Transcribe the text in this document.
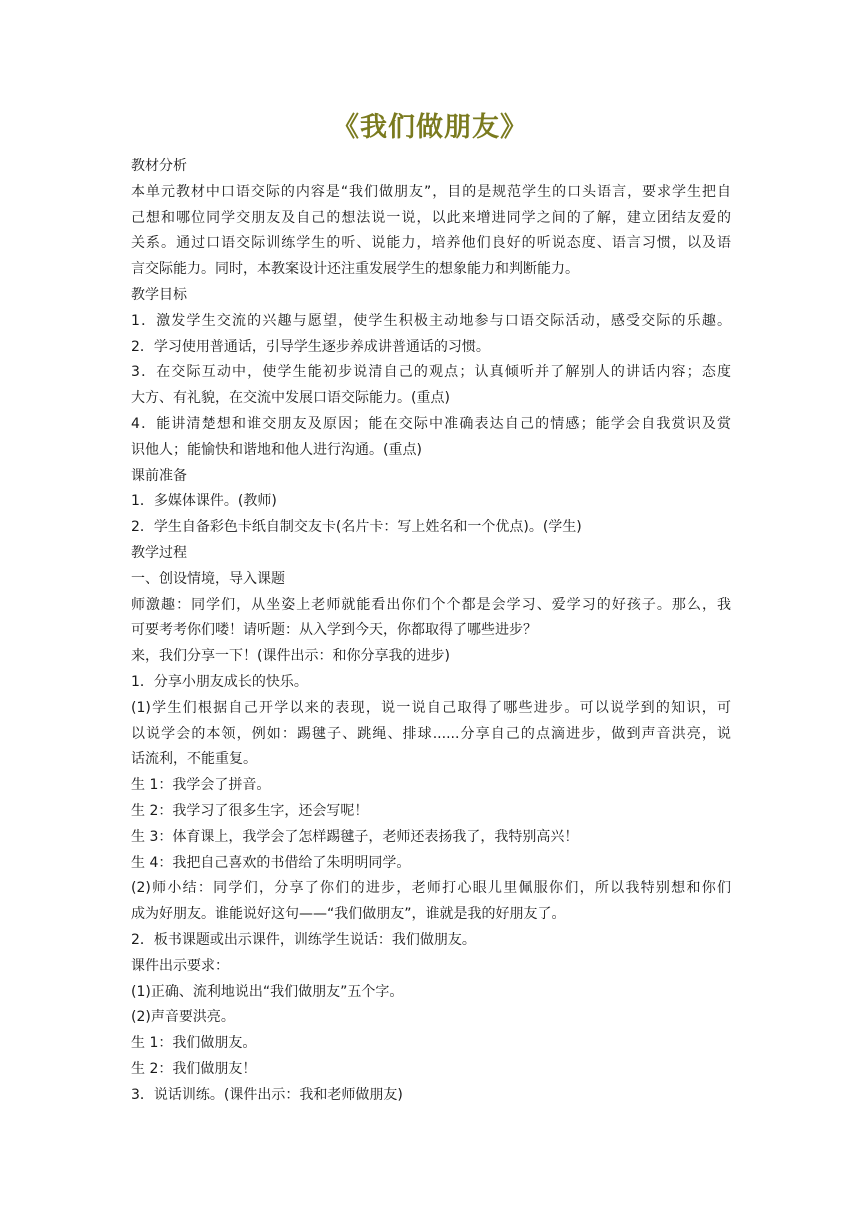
《我们做朋友》
教材分析
本单元教材中口语交际的内容是“我们做朋友”，目的是规范学生的口头语言，要求学生把自
己想和哪位同学交朋友及自己的想法说一说，以此来增进同学之间的了解，建立团结友爱的
关系。通过口语交际训练学生的听、说能力，培养他们良好的听说态度、语言习惯，以及语
言交际能力。同时，本教案设计还注重发展学生的想象能力和判断能力。
教学目标
1．激发学生交流的兴趣与愿望，使学生积极主动地参与口语交际活动，感受交际的乐趣。
2．学习使用普通话，引导学生逐步养成讲普通话的习惯。
3．在交际互动中，使学生能初步说清自己的观点；认真倾听并了解别人的讲话内容；态度
大方、有礼貌，在交流中发展口语交际能力。(重点)
4．能讲清楚想和谁交朋友及原因；能在交际中准确表达自己的情感；能学会自我赏识及赏
识他人；能愉快和谐地和他人进行沟通。(重点)
课前准备
1．多媒体课件。(教师)
2．学生自备彩色卡纸自制交友卡(名片卡：写上姓名和一个优点)。(学生)
教学过程
一、创设情境，导入课题
师激趣：同学们，从坐姿上老师就能看出你们个个都是会学习、爱学习的好孩子。那么，我
可要考考你们喽！请听题：从入学到今天，你都取得了哪些进步？
来，我们分享一下！(课件出示：和你分享我的进步)
1．分享小朋友成长的快乐。
(1)学生们根据自己开学以来的表现，说一说自己取得了哪些进步。可以说学到的知识，可
以说学会的本领，例如：踢毽子、跳绳、排球......分享自己的点滴进步，做到声音洪亮，说
话流利，不能重复。
生 1：我学会了拼音。
生 2：我学习了很多生字，还会写呢！
生 3：体育课上，我学会了怎样踢毽子，老师还表扬我了，我特别高兴！
生 4：我把自己喜欢的书借给了朱明明同学。
(2)师小结：同学们，分享了你们的进步，老师打心眼儿里佩服你们，所以我特别想和你们
成为好朋友。谁能说好这句——“我们做朋友”，谁就是我的好朋友了。
2．板书课题或出示课件，训练学生说话：我们做朋友。
课件出示要求：
(1)正确、流利地说出“我们做朋友”五个字。
(2)声音要洪亮。
生 1：我们做朋友。
生 2：我们做朋友！
3．说话训练。(课件出示：我和老师做朋友)
